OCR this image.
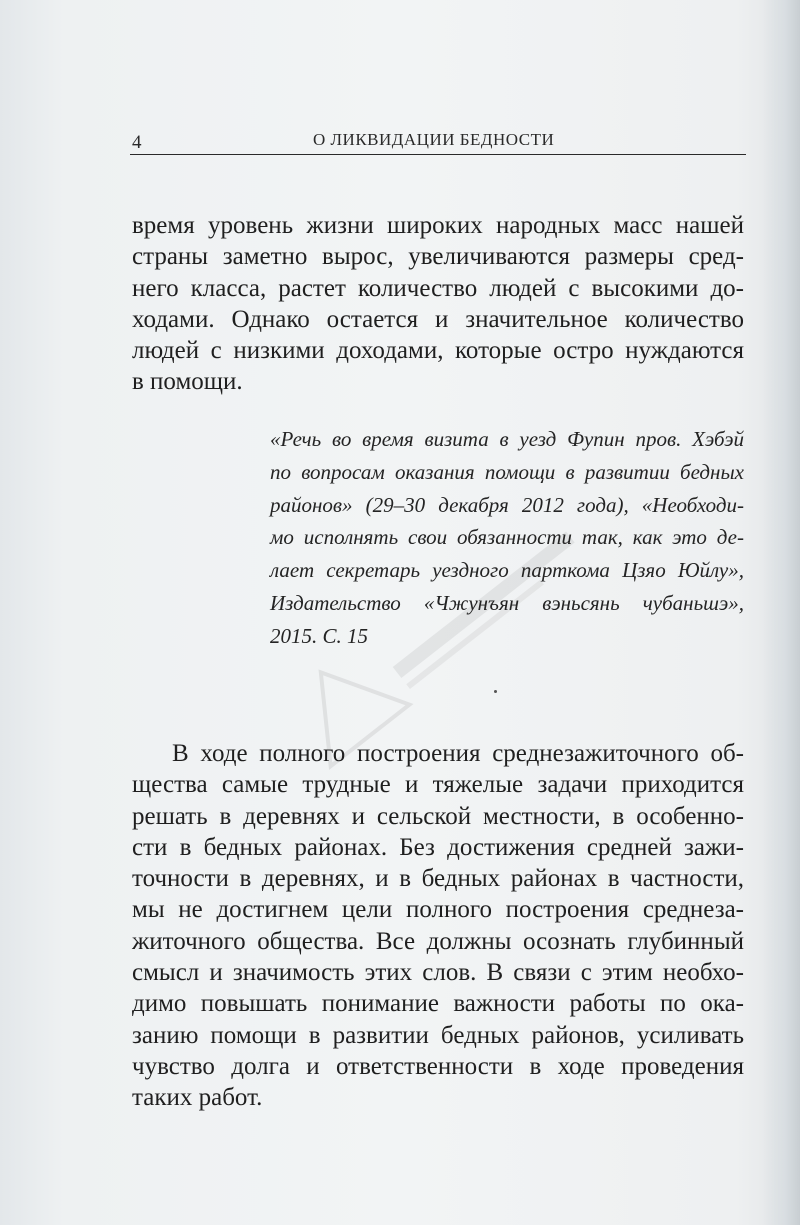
4	О ЛИКВИДАЦИИ БЕДНОСТИ
время уровень жизни широких народных масс нашей
страны заметно вырос, увеличиваются размеры сред-
него класса, растет количество людей с высокими до-
ходами. Однако остается и значительное количество
людей с низкими доходами, которые остро нуждаются
в помощи.
«Речь во время визита в уезд Фупин пров. Хэбэй
по вопросам оказания помощи в развитии бедных
районов» (29–30 декабря 2012 года), «Необходи-
мо исполнять свои обязанности так, как это де-
лает секретарь уездного парткома Цзяо Юйлу»,
Издательство «Чжунъян вэньсянь чубаньшэ»,
2015. С. 15
В ходе полного построения среднезажиточного об-
щества самые трудные и тяжелые задачи приходится
решать в деревнях и сельской местности, в особенно-
сти в бедных районах. Без достижения средней зажи-
точности в деревнях, и в бедных районах в частности,
мы не достигнем цели полного построения среднеза-
житочного общества. Все должны осознать глубинный
смысл и значимость этих слов. В связи с этим необхо-
димо повышать понимание важности работы по ока-
занию помощи в развитии бедных районов, усиливать
чувство долга и ответственности в ходе проведения
таких работ.
